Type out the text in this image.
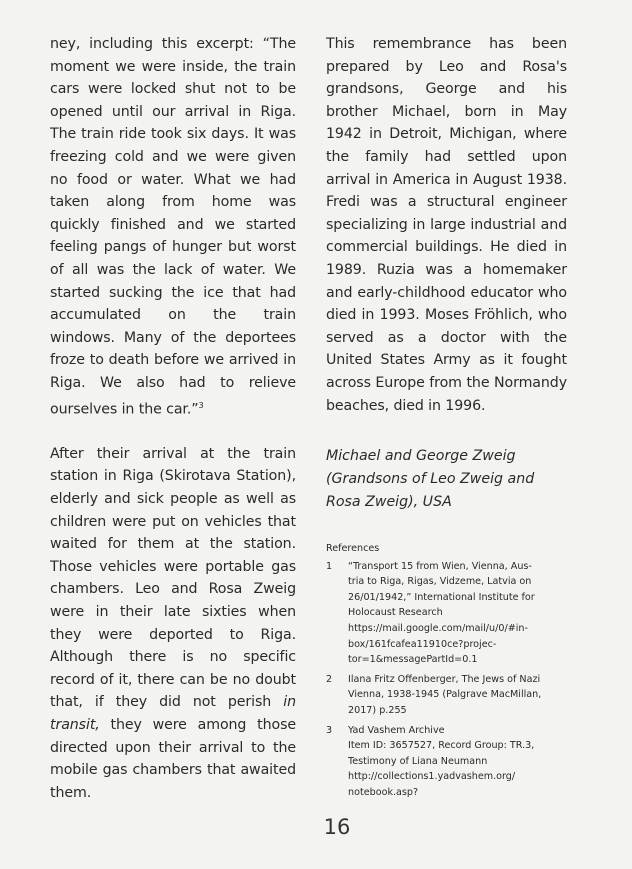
ney, including this excerpt: “The moment we were inside, the train cars were locked shut not to be opened until our arrival in Riga. The train ride took six days. It was freezing cold and we were given no food or water. What we had taken along from home was quickly finished and we started feeling pangs of hunger but worst of all was the lack of water. We started sucking the ice that had accumulated on the train windows. Many of the deportees froze to death before we arrived in Riga. We also had to relieve ourselves in the car.”$^3$

After their arrival at the train station in Riga (Skirotava Station), elderly and sick people as well as children were put on vehicles that waited for them at the station. Those vehicles were portable gas chambers. Leo and Rosa Zweig were in their late sixties when they were deported to Riga. Although there is no specific record of it, there can be no doubt that, if they did not perish in transit, they were among those directed upon their arrival to the mobile gas chambers that awaited them.

This remembrance has been prepared by Leo and Rosa's grandsons, George and his brother Michael, born in May 1942 in Detroit, Michigan, where the family had settled upon arrival in America in August 1938. Fredi was a structural engineer specializing in large industrial and commercial buildings. He died in 1989. Ruzia was a homemaker and early-childhood educator who died in 1993. Moses Fröhlich, who served as a doctor with the United States Army as it fought across Europe from the Normandy beaches, died in 1996.

Michael and George Zweig
(Grandsons of Leo Zweig and
Rosa Zweig), USA
References
1	“Transport 15 from Wien, Vienna, Aus-
tria to Riga, Rigas, Vidzeme, Latvia on
26/01/1942,” International Institute for
Holocaust Research
https://mail.google.com/mail/u/0/#in-
box/161fcafea11910ce?projec-
tor=1&messagePartId=0.1
2	Ilana Fritz Offenberger, The Jews of Nazi
Vienna, 1938-1945 (Palgrave MacMillan,
2017) p.255
3	Yad Vashem Archive
Item ID: 3657527, Record Group: TR.3,
Testimony of Liana Neumann
http://collections1.yadvashem.org/
notebook.asp?
16
